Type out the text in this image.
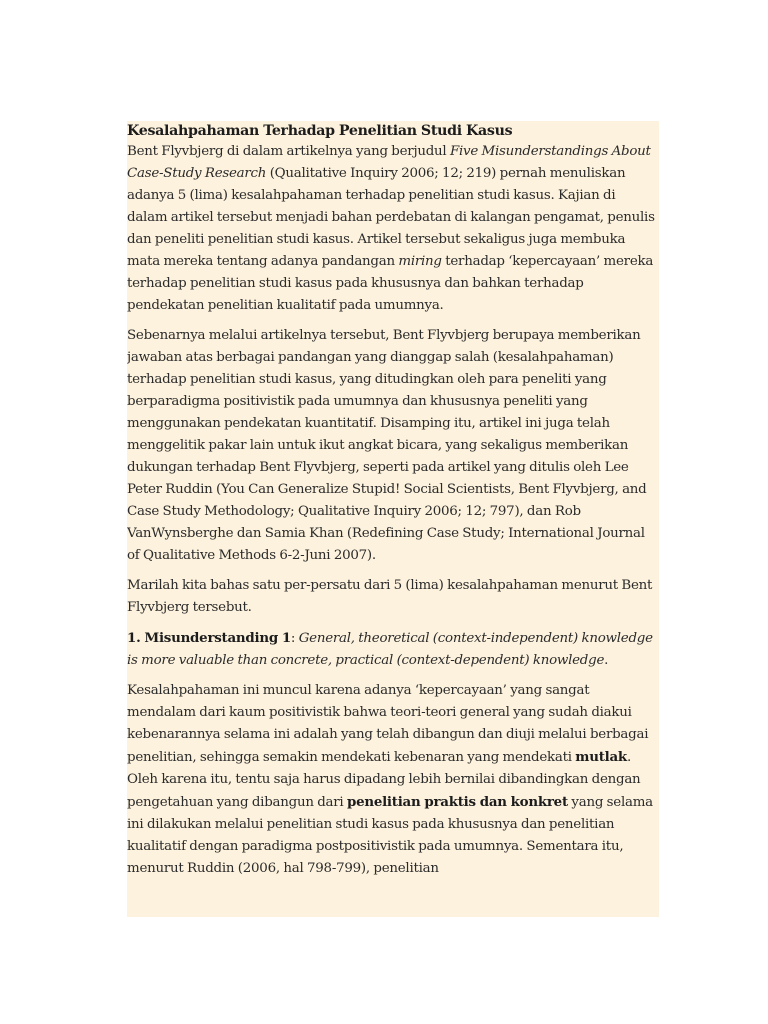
Kesalahpahaman Terhadap Penelitian Studi Kasus

Bent Flyvbjerg di dalam artikelnya yang berjudul Five Misunderstandings About Case-Study Research (Qualitative Inquiry 2006; 12; 219) pernah menuliskan adanya 5 (lima) kesalahpahaman terhadap penelitian studi kasus. Kajian di dalam artikel tersebut menjadi bahan perdebatan di kalangan pengamat, penulis dan peneliti penelitian studi kasus. Artikel tersebut sekaligus juga membuka mata mereka tentang adanya pandangan miring terhadap ‘kepercayaan’ mereka terhadap penelitian studi kasus pada khususnya dan bahkan terhadap pendekatan penelitian kualitatif pada umumnya.

Sebenarnya melalui artikelnya tersebut, Bent Flyvbjerg berupaya memberikan jawaban atas berbagai pandangan yang dianggap salah (kesalahpahaman) terhadap penelitian studi kasus, yang ditudingkan oleh para peneliti yang berparadigma positivistik pada umumnya dan khususnya peneliti yang menggunakan pendekatan kuantitatif. Disamping itu, artikel ini juga telah menggelitik pakar lain untuk ikut angkat bicara, yang sekaligus memberikan dukungan terhadap Bent Flyvbjerg, seperti pada artikel yang ditulis oleh Lee Peter Ruddin (You Can Generalize Stupid! Social Scientists, Bent Flyvbjerg, and Case Study Methodology; Qualitative Inquiry 2006; 12; 797), dan Rob VanWynsberghe dan Samia Khan (Redefining Case Study; International Journal of Qualitative Methods 6-2-Juni 2007).

Marilah kita bahas satu per-persatu dari 5 (lima) kesalahpahaman menurut Bent Flyvbjerg tersebut.

1. Misunderstanding 1: General, theoretical (context-independent) knowledge is more valuable than concrete, practical (context-dependent) knowledge.

Kesalahpahaman ini muncul karena adanya ‘kepercayaan’ yang sangat mendalam dari kaum positivistik bahwa teori-teori general yang sudah diakui kebenarannya selama ini adalah yang telah dibangun dan diuji melalui berbagai penelitian, sehingga semakin mendekati kebenaran yang mendekati mutlak. Oleh karena itu, tentu saja harus dipadang lebih bernilai dibandingkan dengan pengetahuan yang dibangun dari penelitian praktis dan konkret yang selama ini dilakukan melalui penelitian studi kasus pada khususnya dan penelitian kualitatif dengan paradigma postpositivistik pada umumnya. Sementara itu, menurut Ruddin (2006, hal 798-799), penelitian
